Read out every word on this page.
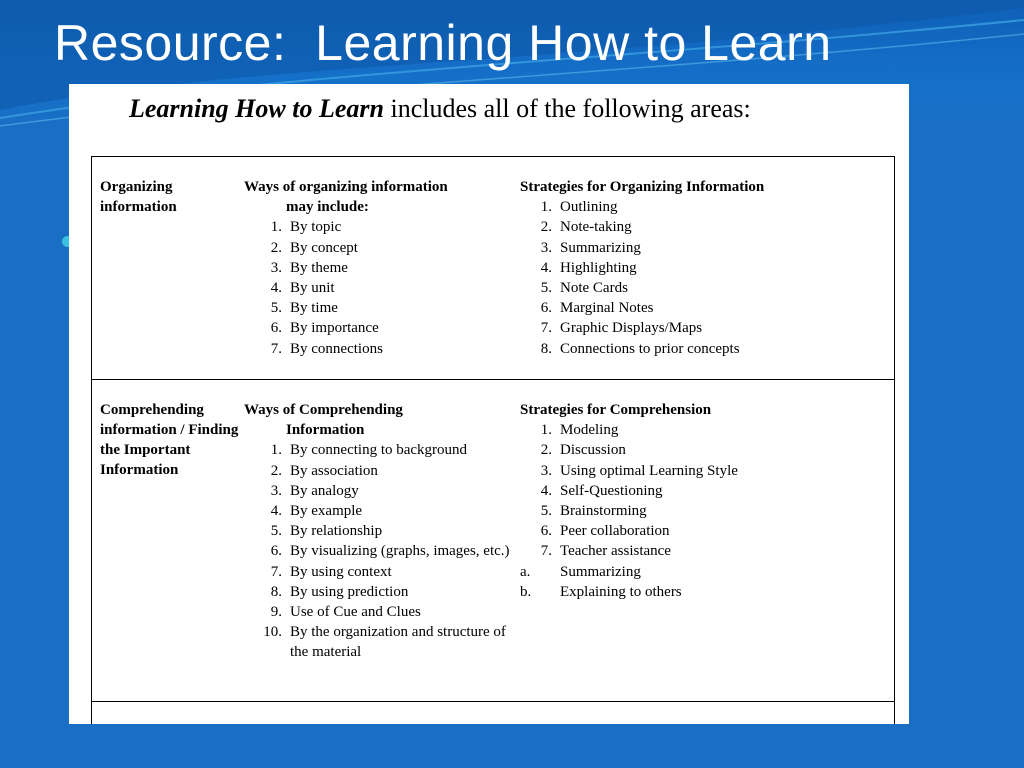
Resource:  Learning How to Learn
Learning How to Learn includes all of the following areas:
Organizing information
Ways of organizing information
may include:
1. By topic
2. By concept
3. By theme
4. By unit
5. By time
6. By importance
7. By connections
Strategies for Organizing Information
1. Outlining
2. Note-taking
3. Summarizing
4. Highlighting
5. Note Cards
6. Marginal Notes
7. Graphic Displays/Maps
8. Connections to prior concepts
Comprehending information / Finding the Important Information
Ways of Comprehending
Information
1. By connecting to background
2. By association
3. By analogy
4. By example
5. By relationship
6. By visualizing (graphs, images, etc.)
7. By using context
8. By using prediction
9. Use of Cue and Clues
10. By the organization and structure of the material
Strategies for Comprehension
1. Modeling
2. Discussion
3. Using optimal Learning Style
4. Self-Questioning
5. Brainstorming
6. Peer collaboration
7. Teacher assistance
a.	Summarizing
b.	Explaining to others
